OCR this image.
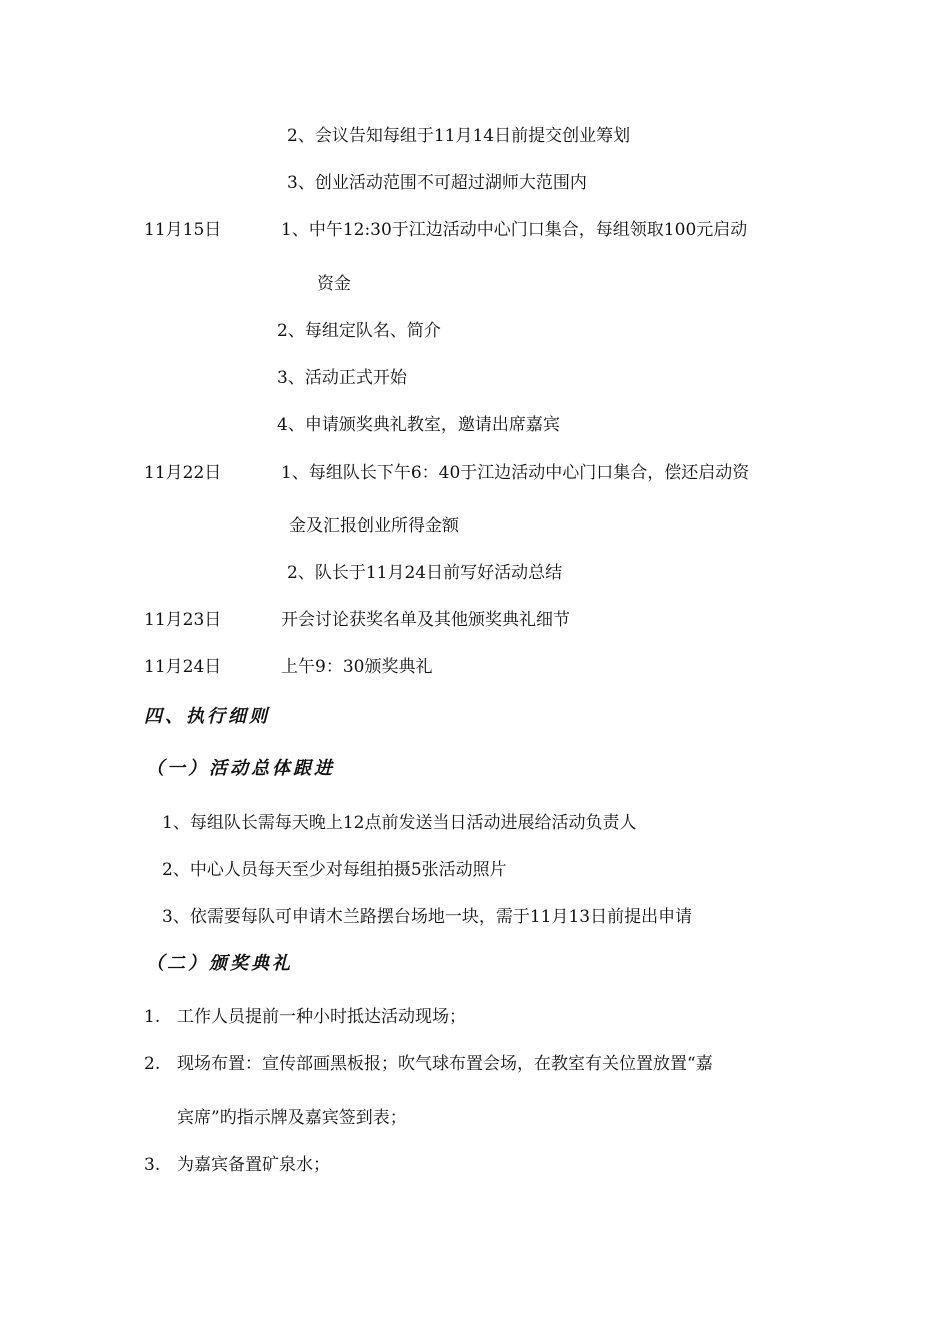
2、会议告知每组于11月14日前提交创业筹划
3、创业活动范围不可超过湖师大范围内
11月15日	1、中午12:30于江边活动中心门口集合，每组领取100元启动
资金
2、每组定队名、简介
3、活动正式开始
4、申请颁奖典礼教室，邀请出席嘉宾
11月22日	1、每组队长下午6：40于江边活动中心门口集合，偿还启动资
金及汇报创业所得金额
2、队长于11月24日前写好活动总结
11月23日	开会讨论获奖名单及其他颁奖典礼细节
11月24日	上午9：30颁奖典礼
四、执行细则
（一）活动总体跟进
1、每组队长需每天晚上12点前发送当日活动进展给活动负责人
2、中心人员每天至少对每组拍摄5张活动照片
3、依需要每队可申请木兰路摆台场地一块，需于11月13日前提出申请
（二）颁奖典礼
1. 工作人员提前一种小时抵达活动现场；
2. 现场布置：宣传部画黑板报；吹气球布置会场，在教室有关位置放置“嘉
宾席”旳指示牌及嘉宾签到表；
3. 为嘉宾备置矿泉水；
